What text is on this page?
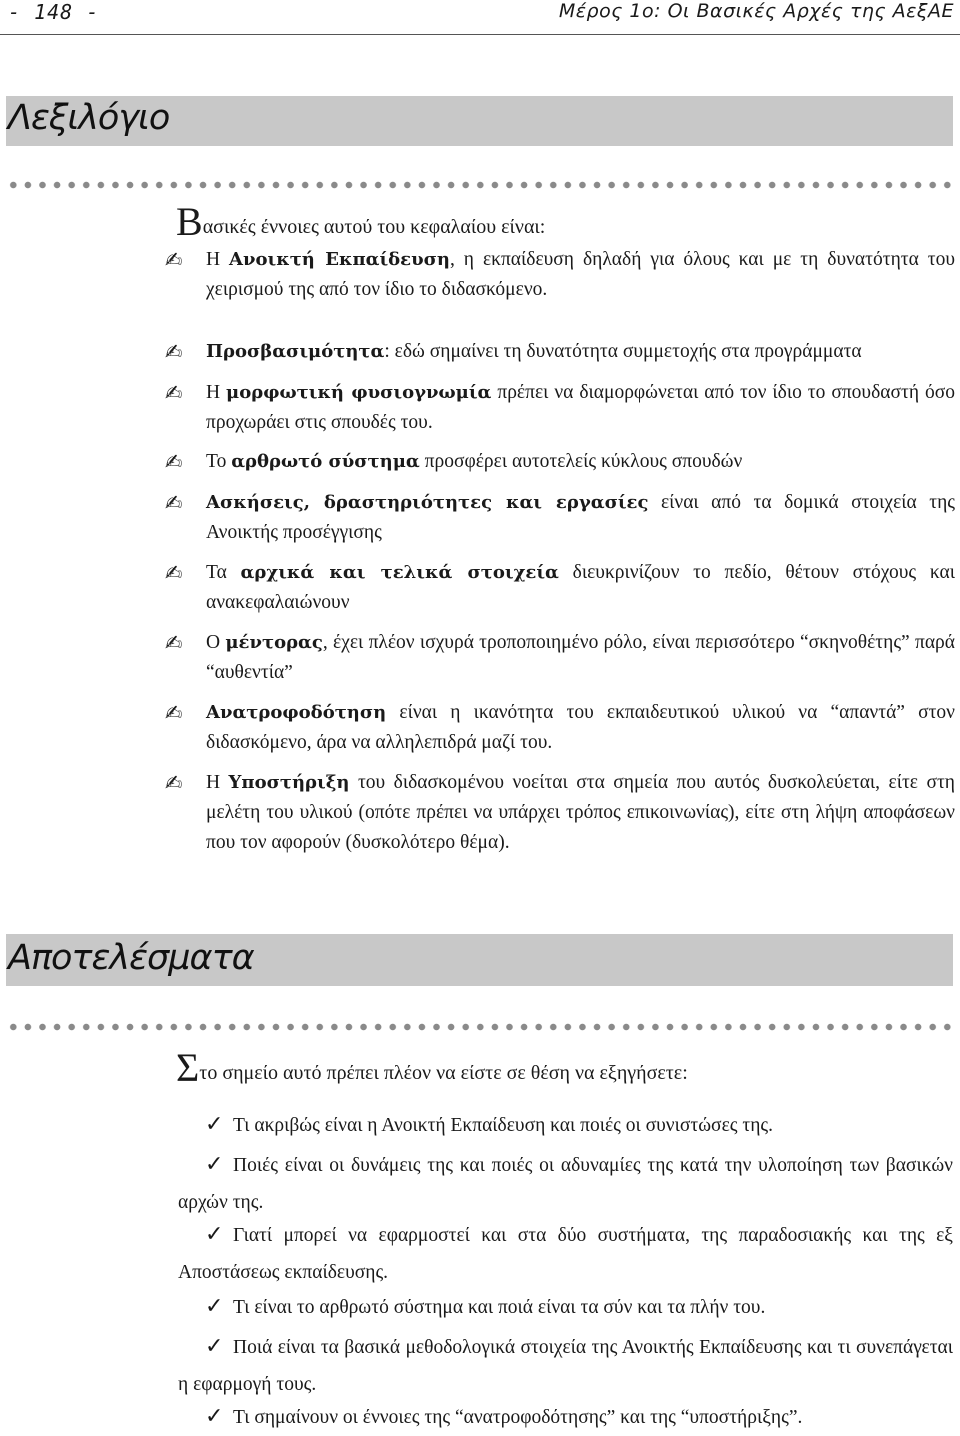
- 148 -	Μέρος 1ο: Οι Βασικές Αρχές της ΑεξΑΕ
Λεξιλόγιο
Βασικές έννοιες αυτού του κεφαλαίου είναι:
✍ Η Ανοικτή Εκπαίδευση, η εκπαίδευση δηλαδή για όλους και με τη δυνατότητα του χειρισμού της από τον ίδιο το διδασκόμενο.
✍ Προσβασιμότητα: εδώ σημαίνει τη δυνατότητα συμμετοχής στα προγράμματα
✍ Η μορφωτική φυσιογνωμία πρέπει να διαμορφώνεται από τον ίδιο το σπουδαστή όσο προχωράει στις σπουδές του.
✍ Το αρθρωτό σύστημα προσφέρει αυτοτελείς κύκλους σπουδών
✍ Ασκήσεις, δραστηριότητες και εργασίες είναι από τα δομικά στοιχεία της Ανοικτής προσέγγισης
✍ Τα αρχικά και τελικά στοιχεία διευκρινίζουν το πεδίο, θέτουν στόχους και ανακεφαλαιώνουν
✍ Ο μέντορας, έχει πλέον ισχυρά τροποποιημένο ρόλο, είναι περισσότερο “σκηνοθέτης” παρά “αυθεντία”
✍ Ανατροφοδότηση είναι η ικανότητα του εκπαιδευτικού υλικού να “απαντά” στον διδασκόμενο, άρα να αλληλεπιδρά μαζί του.
✍ Η Υποστήριξη του διδασκομένου νοείται στα σημεία που αυτός δυσκολεύεται, είτε στη μελέτη του υλικού (οπότε πρέπει να υπάρχει τρόπος επικοινωνίας), είτε στη λήψη αποφάσεων που τον αφορούν (δυσκολότερο θέμα).
Αποτελέσματα
Στο σημείο αυτό πρέπει πλέον να είστε σε θέση να εξηγήσετε:
✓ Τι ακριβώς είναι η Ανοικτή Εκπαίδευση και ποιές οι συνιστώσες της.
✓ Ποιές είναι οι δυνάμεις της και ποιές οι αδυναμίες της κατά την υλοποίηση των βασικών αρχών της.
✓ Γιατί μπορεί να εφαρμοστεί και στα δύο συστήματα, της παραδοσιακής και της εξ Αποστάσεως εκπαίδευσης.
✓ Τι είναι το αρθρωτό σύστημα και ποιά είναι τα σύν και τα πλήν του.
✓ Ποιά είναι τα βασικά μεθοδολογικά στοιχεία της Ανοικτής Εκπαίδευσης και τι συνεπάγεται η εφαρμογή τους.
✓ Τι σημαίνουν οι έννοιες της “ανατροφοδότησης” και της “υποστήριξης”.
